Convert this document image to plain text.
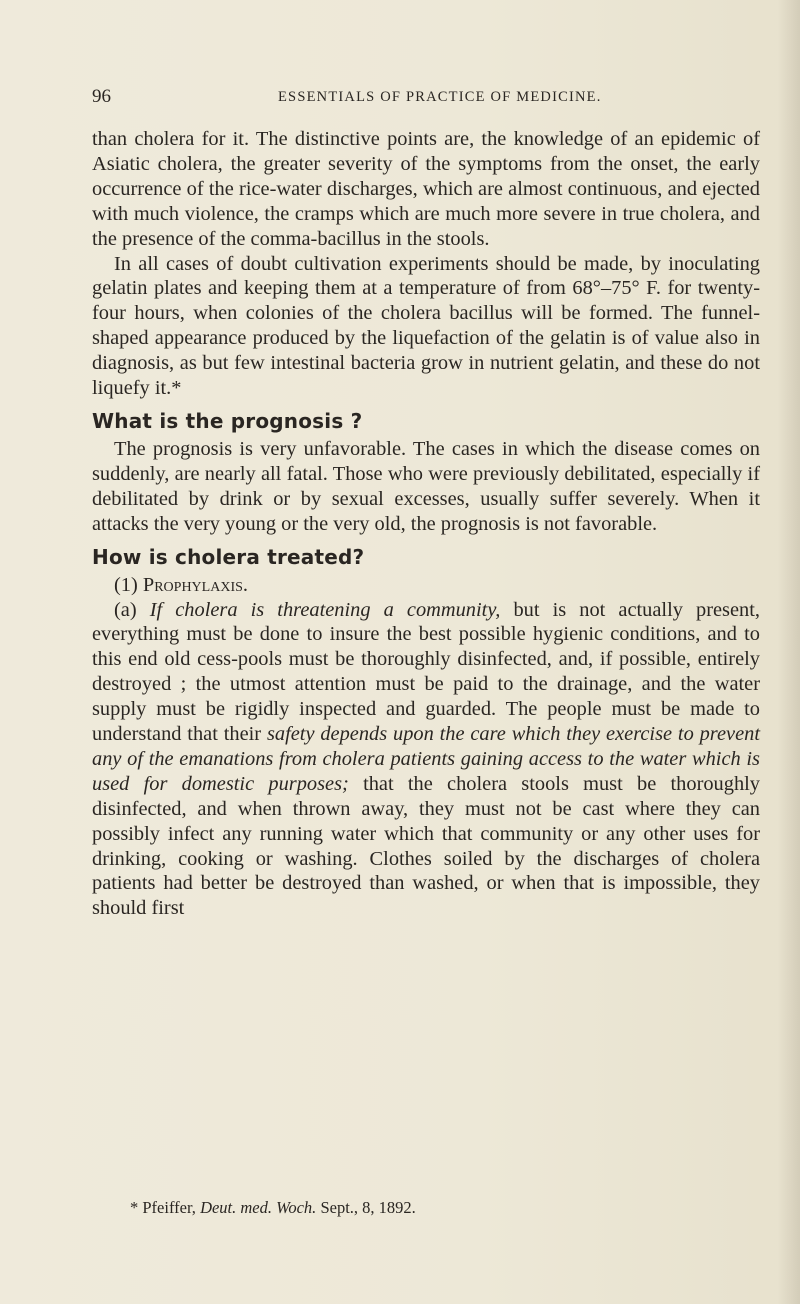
96	ESSENTIALS OF PRACTICE OF MEDICINE.

than cholera for it. The distinctive points are, the knowledge of an epidemic of Asiatic cholera, the greater severity of the symptoms from the onset, the early occurrence of the rice-water discharges, which are almost continuous, and ejected with much violence, the cramps which are much more severe in true cholera, and the presence of the comma-bacillus in the stools.

In all cases of doubt cultivation experiments should be made, by inoculating gelatin plates and keeping them at a temperature of from 68°–75° F. for twenty-four hours, when colonies of the cholera bacillus will be formed. The funnel-shaped appearance produced by the liquefaction of the gelatin is of value also in diagnosis, as but few intestinal bacteria grow in nutrient gelatin, and these do not liquefy it.*

What is the prognosis ?

The prognosis is very unfavorable. The cases in which the disease comes on suddenly, are nearly all fatal. Those who were previously debilitated, especially if debilitated by drink or by sexual excesses, usually suffer severely. When it attacks the very young or the very old, the prognosis is not favorable.

How is cholera treated?

(1) Prophylaxis.

(a) If cholera is threatening a community, but is not actually present, everything must be done to insure the best possible hygienic conditions, and to this end old cess-pools must be thoroughly disinfected, and, if possible, entirely destroyed ; the utmost attention must be paid to the drainage, and the water supply must be rigidly inspected and guarded. The people must be made to understand that their safety depends upon the care which they exercise to prevent any of the emanations from cholera patients gaining access to the water which is used for domestic purposes; that the cholera stools must be thoroughly disinfected, and when thrown away, they must not be cast where they can possibly infect any running water which that community or any other uses for drinking, cooking or washing. Clothes soiled by the discharges of cholera patients had better be destroyed than washed, or when that is impossible, they should first

* Pfeiffer, Deut. med. Woch. Sept., 8, 1892.
